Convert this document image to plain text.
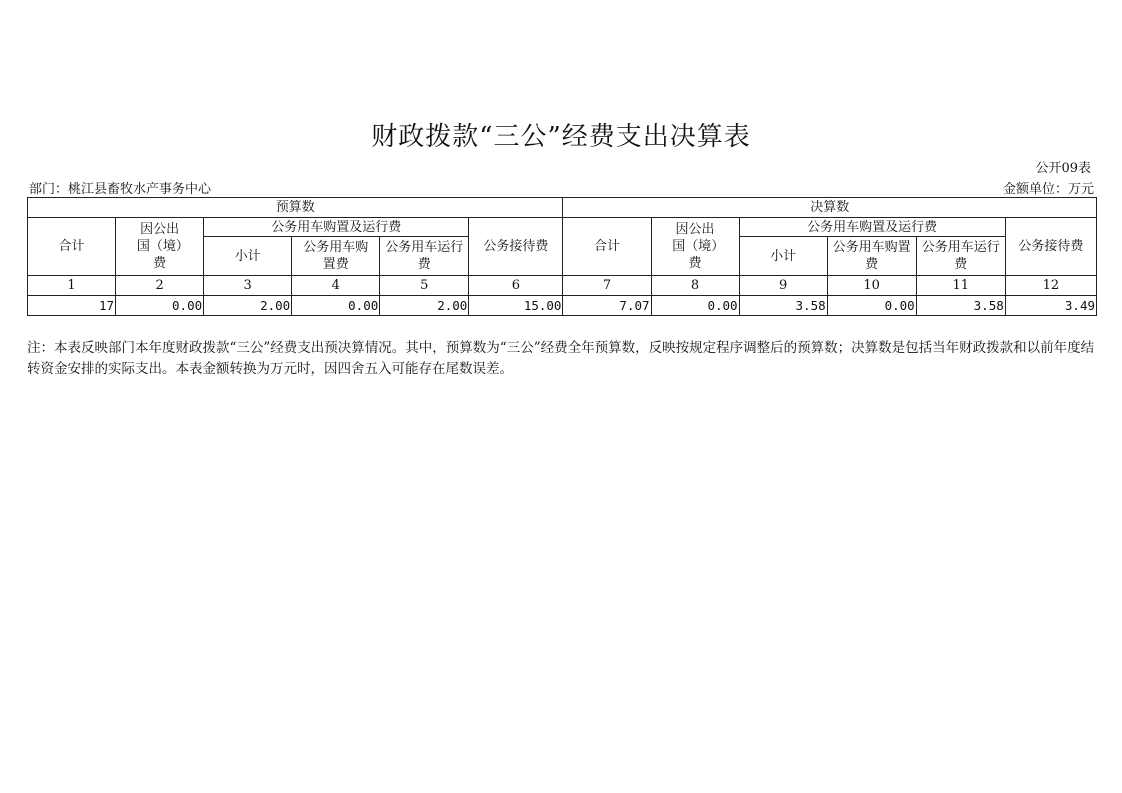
财政拨款“三公”经费支出决算表
公开09表
部门：桃江县畜牧水产事务中心	金额单位：万元
预算数						决算数					
合计	因公出国（境）费	公务用车购置及运行费			公务接待费	合计	因公出国（境）费	公务用车购置及运行费			公务接待费
		小计	公务用车购置费	公务用车运行费				小计	公务用车购置费	公务用车运行费	
1	2	3	4	5	6	7	8	9	10	11	12
17	0.00	2.00	0.00	2.00	15.00	7.07	0.00	3.58	0.00	3.58	3.49
注：本表反映部门本年度财政拨款“三公”经费支出预决算情况。其中，预算数为“三公”经费全年预算数，反映按规定程序调整后的预算数；决算数是包括当年财政拨款和以前年度结转资金安排的实际支出。本表金额转换为万元时，因四舍五入可能存在尾数误差。
